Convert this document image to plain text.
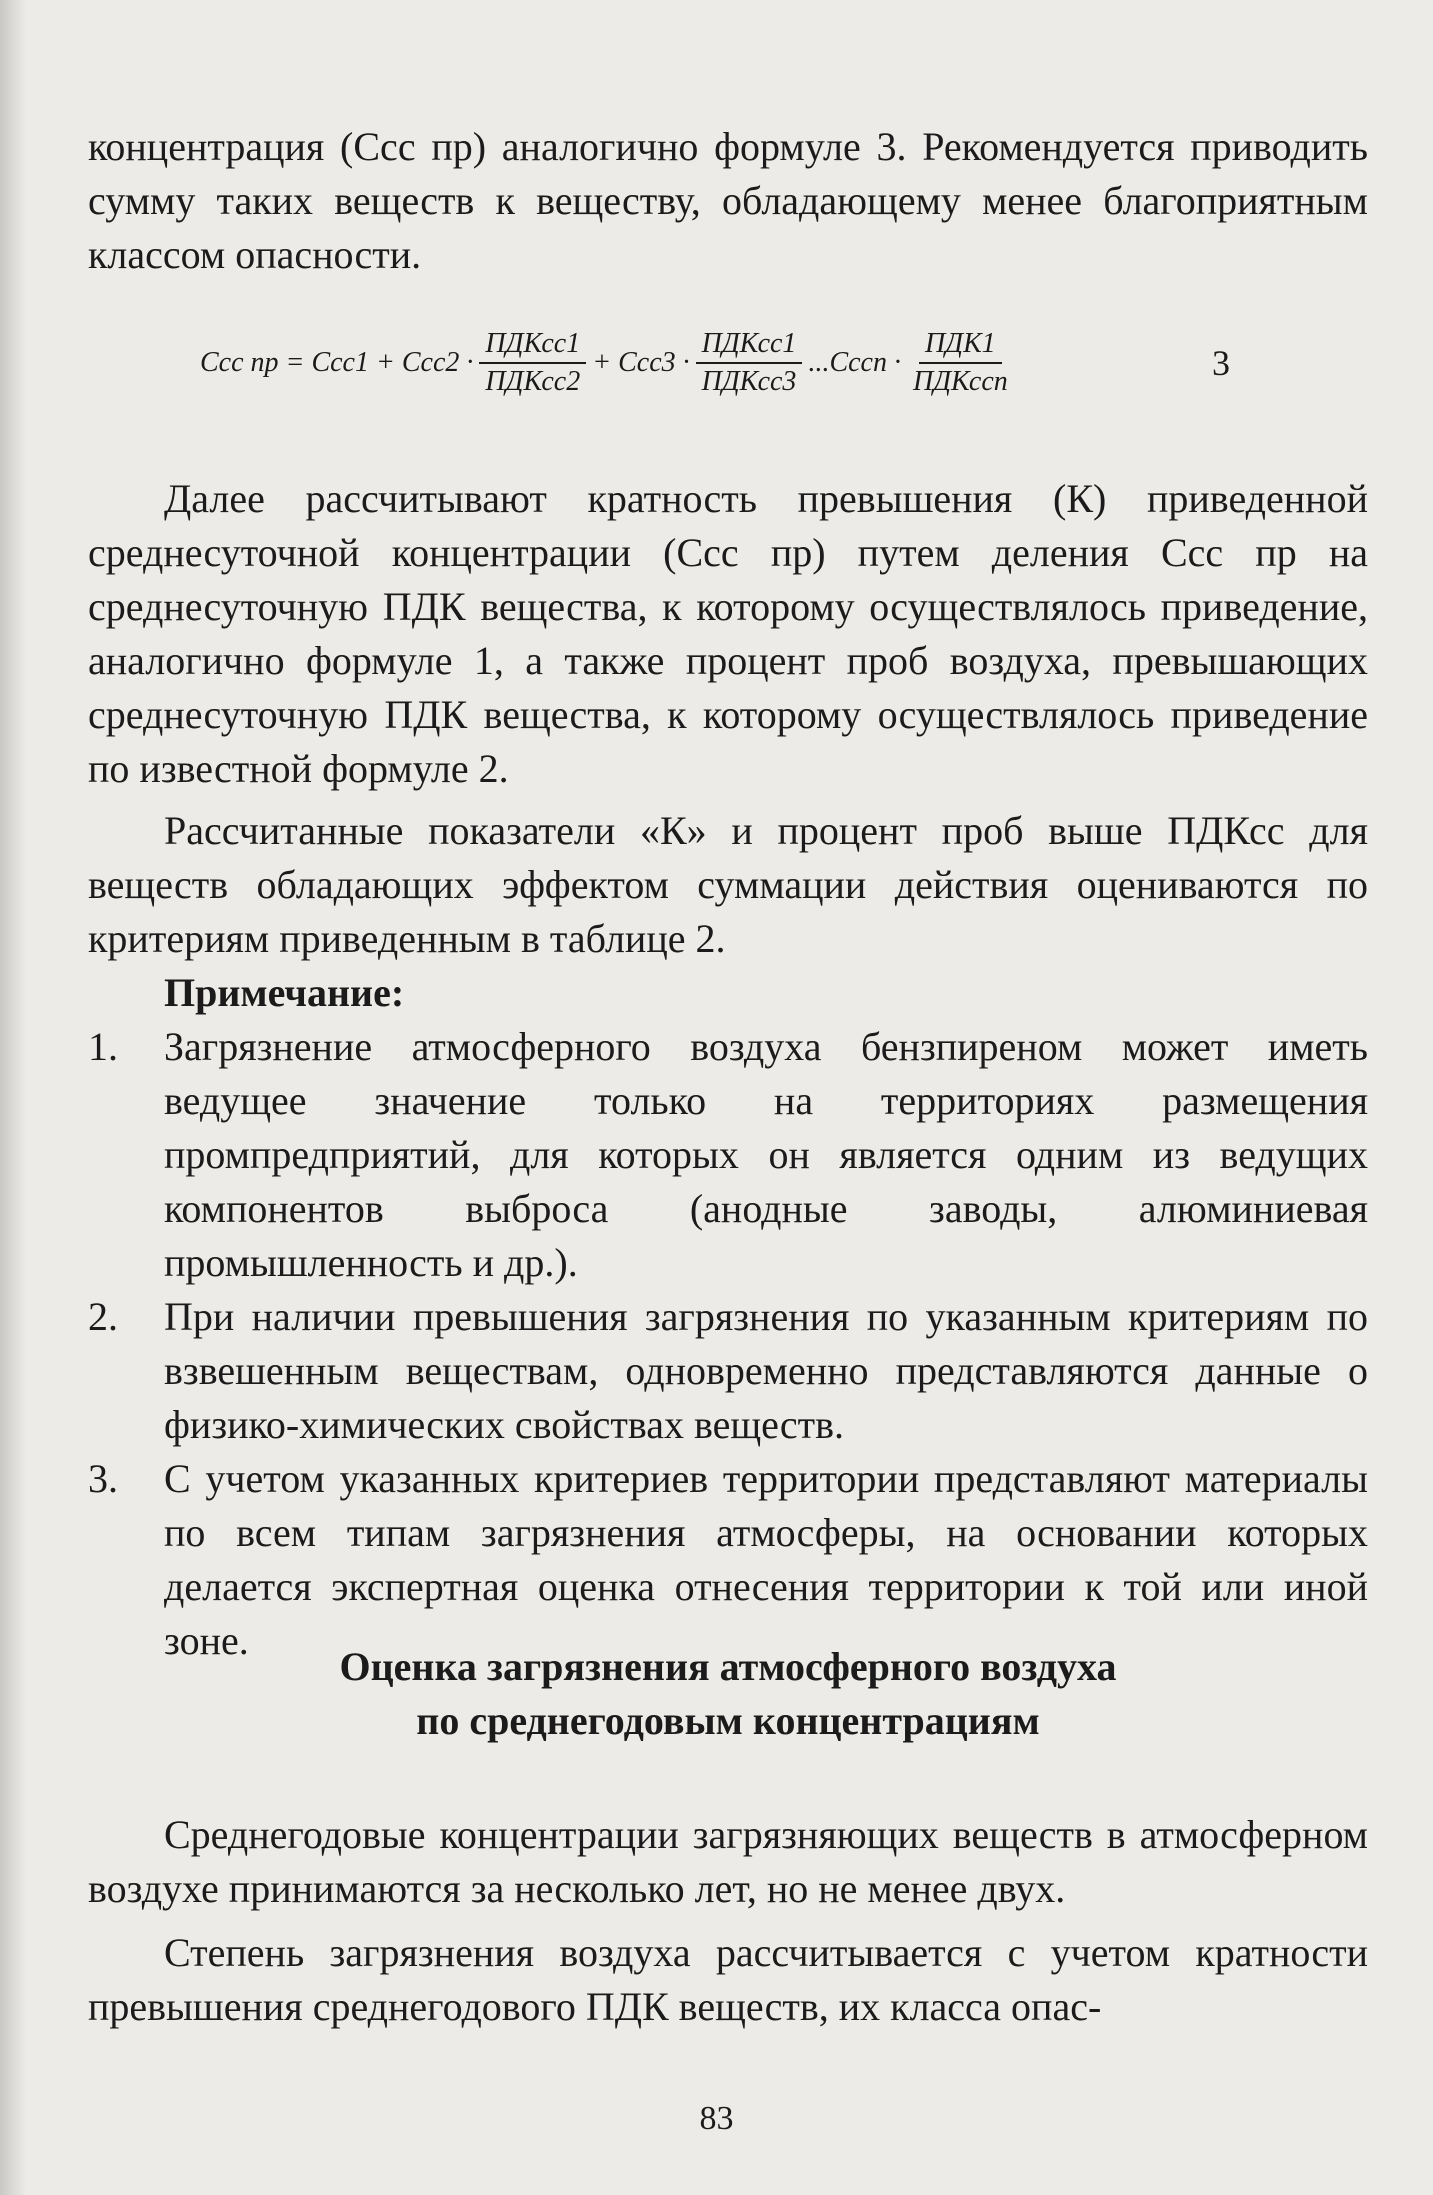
концентрация (Cсс пр) аналогично формуле 3. Рекомендуется приводить сумму таких веществ к веществу, обладающему менее благоприятным классом опасности.

Cсс пр = $Cсс1 + Cсс2 \cdot \frac{\text{ПДКсс1}}{\text{ПДКсс2}} + Cсс3 \cdot \frac{\text{ПДКсс1}}{\text{ПДКсс3}}$ ... Cссn · $\frac{\text{ПДК1}}{\text{ПДКссn}}$	3

Далее рассчитывают кратность превышения (К) приведенной среднесуточной концентрации (Cсс пр) путем деления Cсс пр на среднесуточную ПДК вещества, к которому осуществлялось приведение, аналогично формуле 1, а также процент проб воздуха, превышающих среднесуточную ПДК вещества, к которому осуществлялось приведение по известной формуле 2.

Рассчитанные показатели «К» и процент проб выше ПДКсс для веществ обладающих эффектом суммации действия оцениваются по критериям приведенным в таблице 2.

Примечание:

1. Загрязнение атмосферного воздуха бензпиреном может иметь ведущее значение только на территориях размещения промпредприятий, для которых он является одним из ведущих компонентов выброса (анодные заводы, алюминиевая промышленность и др.).
2. При наличии превышения загрязнения по указанным критериям по взвешенным веществам, одновременно представляются данные о физико-химических свойствах веществ.
3. С учетом указанных критериев территории представляют материалы по всем типам загрязнения атмосферы, на основании которых делается экспертная оценка отнесения территории к той или иной зоне.

Оценка загрязнения атмосферного воздуха

по среднегодовым концентрациям

Среднегодовые концентрации загрязняющих веществ в атмосферном воздухе принимаются за несколько лет, но не менее двух.

Степень загрязнения воздуха рассчитывается с учетом кратности превышения среднегодового ПДК веществ, их класса опас-

83
